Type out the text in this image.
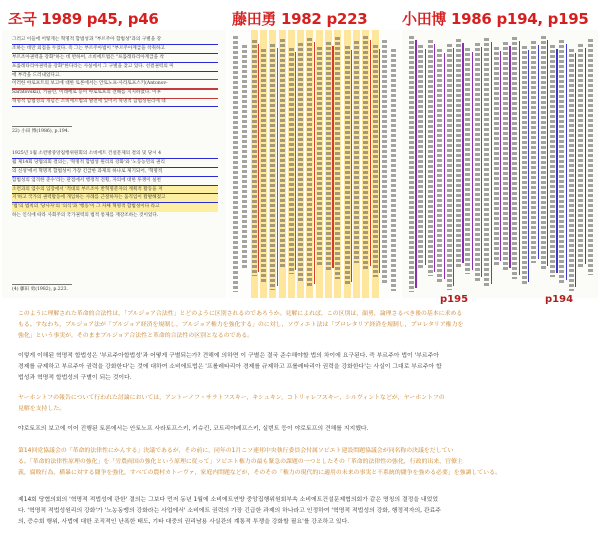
조국 1989 p45, p46	藤田勇 1982 p223 小田博 1986 p194, p195
그러고 이들에 어떻게는 혁명적 합법성과 "부르주아 합법성"과의 구별을 강
조하는 데만 외점을 두었다. 즉 그는 부르주아법이 "부르주아계급을 착취하고
부르조아권력을 강화"하는 데 반하여, 소비에트법은 "프롤레타리아계급을 착
프롤레타리아권력을 강화"한다라는 사실에서 그 구별을 찾고 있다. 선결권력의 미
에 부각을 드러내었다고.
이러한 야로프트의 보고에 대한 토론에서는 안토노프-사라토프스키(Antonov-
Saratovskii), 키슬린, 이레에로 등이 야로토프의 견해를 지지하였다. 이후
혁명적 합법성의 개념은 소비에트법의 발전에 있어서 혁명적 합법성원리에 대
22) 小田 博(1986), p.194.
1925년 1월 소련방중앙집행위원회의 소비에트 건설문제의 결의 및 당시 4
월 제14회 당협의회 결의는, '혁명적 합법성 원리의 강화'와 '노동농민의 권리
의 신성'에서 혁명적 합법성이 가장 긴급한 과제의 하나로 제기되어, '혁명적
합법성의 엄격한 준수'라는 관점에서 행정적 전횡, 자의에 대한 투쟁이 실천
소련과의 엄수의 입장에서 '적대의 부르조아 반혁명분자의 계획적 활동을 저
지'하고 국가의 권력활동에 개입하는 사례를 근절하자는 움직임이 활발해졌고
'법'의 법칙의 '당사자'의 '의식'과 '행동'이 그 자체 혁명적 합법성이다 라고
하는 인식에 따라 사회주의 국가권력의 법적 통제를 재강조하는 것이었다.
(4) 藤田 勇(1982), p.223.
p195	p194
このように理解された革命的合法性は，「ブルジョア合法性」とどのように区別されるのであろうか。見解によれば，この区別は，顔勇，論理さるべき後の基本に求める
もる。すなわち，ブルジョア法が「ブルジョア経済を規制し，ブルジョア権力を強化する」のに対し，ソヴィエト法は「プロレタリア経済を規制し，プロレタリア権力を
強化」という事実が，そのままブルジョア合法性と革命的合法性の区別となるのである。
이렇게 이해된 혁명적 합법성은 '부르주아합법성'과 어떻게 구별되는가? 견해에 의하면 이 구별은 결국 준수해야할 법의 차이에 요구된다. 즉 부르주아 법이 '부르주아
경제를 규제하고 부르주아 권력을 강화한다'는 것에 대하여 소비에트법은 '프롤레타리아 경제를 규제하고 프롤레타리아 권력을 강화한다'는 사실이 그대로 부르주아 합
법성과 혁명적 합법성의 구별이 되는 것이다.
ヤーホントフの報告について行われた討論においては，アントーノフ・サラトフスキー，キシュキン，コトリャレフスキー，シルヴィントなどが，ヤーホントフの
見解を支持した。
야로토프의 보고에 이어 진행된 토론에서는 안토노프 사라토프스키, 키슈킨, 코트리야레프스키, 실번트 등이 야로토프의 견해를 지지했다.
第14回党協議会の「革命的法律性にかんする」決議であるが，その前に，同年の1月こソ連邦中央執行委員会付属ソビエト建設問題協議会が同名称の決議をだしてい
る。「革命的法律性原理の強化」を「労農両国の強化という原理に従って」ソビエト権力の最も緊急の課題の一つとしたその「革命的法律性の強化，行政的出来，官僚主
義，腐敗行為，横暴に対する闘争を強化，すべての農村カトーヴァ，家庭内問題などが，そのその「権力の現代的に適用の未来の事実と不系統的闘争を強める必要」を強調している。
제14회 당협의회의 '혁명적 적법성에 관한' 결의는 그보다 먼저 동년 1월에 소비에트연방 중앙집행위원회부속 소비에트건설문제협의회가 같은 명칭의 결정을 내었었
다. '혁명적 적법성원리의 강화'가 '노농동맹의 강화라는 사업에서' 소비에트 권력의 가장 긴급한 과제의 하나라고 인정하여 '혁명적 적법성의 강화, 행정적자의, 관료주
의, 증수회 행위, 사법에 대한 조직적인 난폭한 태도, 기타 대중의 권리남용 사실관의 계통적 투쟁을 강화할 필요'를 강조하고 있다.
